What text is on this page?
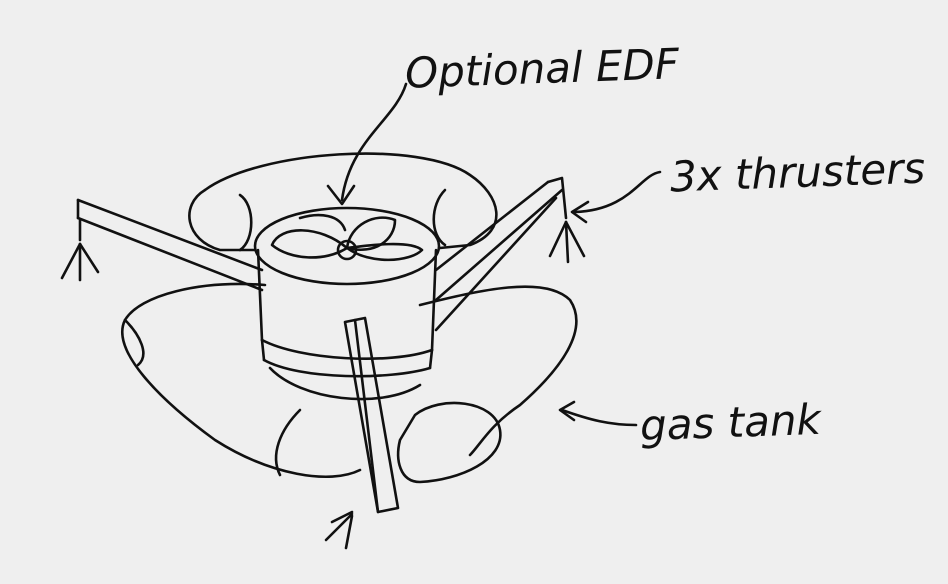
Optional EDF
3x thrusters
gas tank
